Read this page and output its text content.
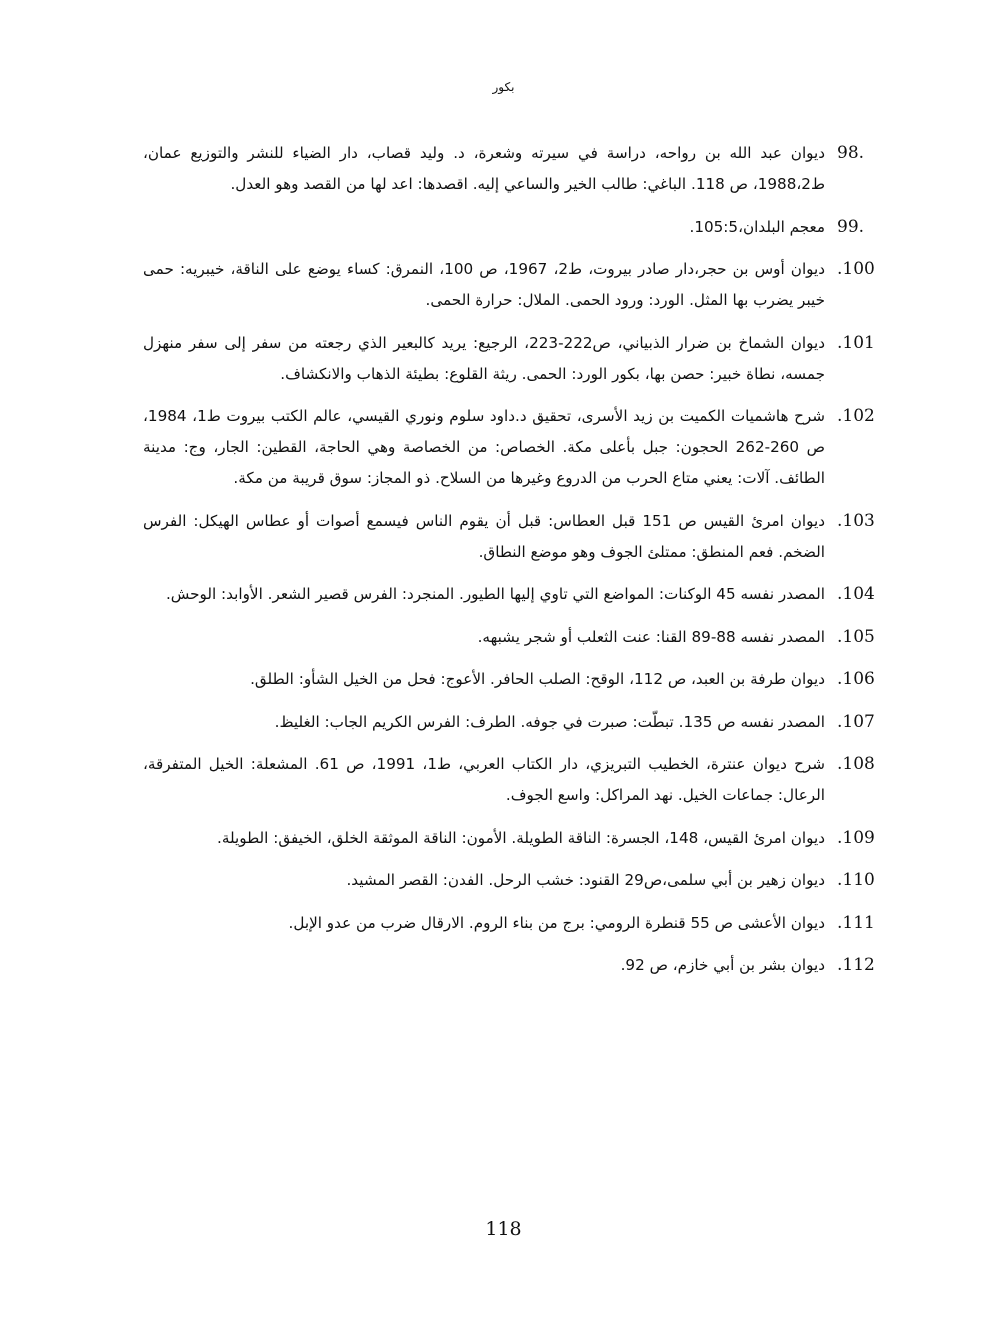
بكور
98.
ديوان عبد الله بن رواحه، دراسة في سيرته وشعرة، د. وليد قصاب، دار الضياء للنشر والتوزيع عمان، ط1988،2، ص 118. الباغي: طالب الخير والساعي إليه. اقصدها: اعد لها من القصد وهو العدل.
99.
معجم البلدان،105:5.
.100
ديوان أوس بن حجر،دار صادر بيروت، ط2، 1967، ص 100، النمرق: كساء يوضع على الناقة، خيبريه: حمى خيبر يضرب بها المثل. الورد: ورود الحمى. الملال: حرارة الحمى.
.101
ديوان الشماخ بن ضرار الذبياني، ص222-223، الرجيع: يريد كالبعير الذي رجعته من سفر إلى سفر منهزل جمسه، نطاة خبير: حصن بها، بكور الورد: الحمى. ريثة القلوع: بطيئة الذهاب والانكشاف.
.102
شرح هاشميات الكميت بن زيد الأسرى، تحقيق د.داود سلوم ونوري القيسي، عالم الكتب بيروت ط1، 1984، ص 260-262 الحجون: جبل بأعلى مكة. الخصاص: من الخصاصة وهي الحاجة، القطين: الجار، وج: مدينة الطائف. آلات: يعني متاع الحرب من الدروع وغيرها من السلاح. ذو المجاز: سوق قريبة من مكة.
.103
ديوان امرئ القيس ص 151 قبل العطاس: قبل أن يقوم الناس فيسمع أصوات أو عطاس الهيكل: الفرس الضخم. فعم المنطق: ممتلئ الجوف وهو موضع النطاق.
.104
المصدر نفسه 45 الوكنات: المواضع التي تاوي إليها الطيور. المنجرد: الفرس قصير الشعر. الأوابد: الوحش.
.105
المصدر نفسه 88-89 القنا: عنت الثعلب أو شجر يشبهه.
.106
ديوان طرفة بن العبد، ص 112، الوقح: الصلب الحافر. الأعوج: فحل من الخيل الشأو: الطلق.
.107
المصدر نفسه ص 135. تبطّت: صبرت في جوفه. الطرف: الفرس الكريم الجاب: الغليظ.
.108
شرح ديوان عنترة، الخطيب التبريزي، دار الكتاب العربي، ط1، 1991، ص 61. المشعلة: الخيل المتفرقة، الرعال: جماعات الخيل. نهد المراكل: واسع الجوف.
.109
ديوان امرئ القيس، 148، الجسرة: الناقة الطويلة. الأمون: الناقة الموثقة الخلق، الخيفق: الطويلة.
.110
ديوان زهير بن أبي سلمى،ص29 القنود: خشب الرحل. الفدن: القصر المشيد.
.111
ديوان الأعشى ص 55 قنطرة الرومي: برج من بناء الروم. الارقال ضرب من عدو الإبل.
.112
ديوان بشر بن أبي خازم، ص 92.
118
